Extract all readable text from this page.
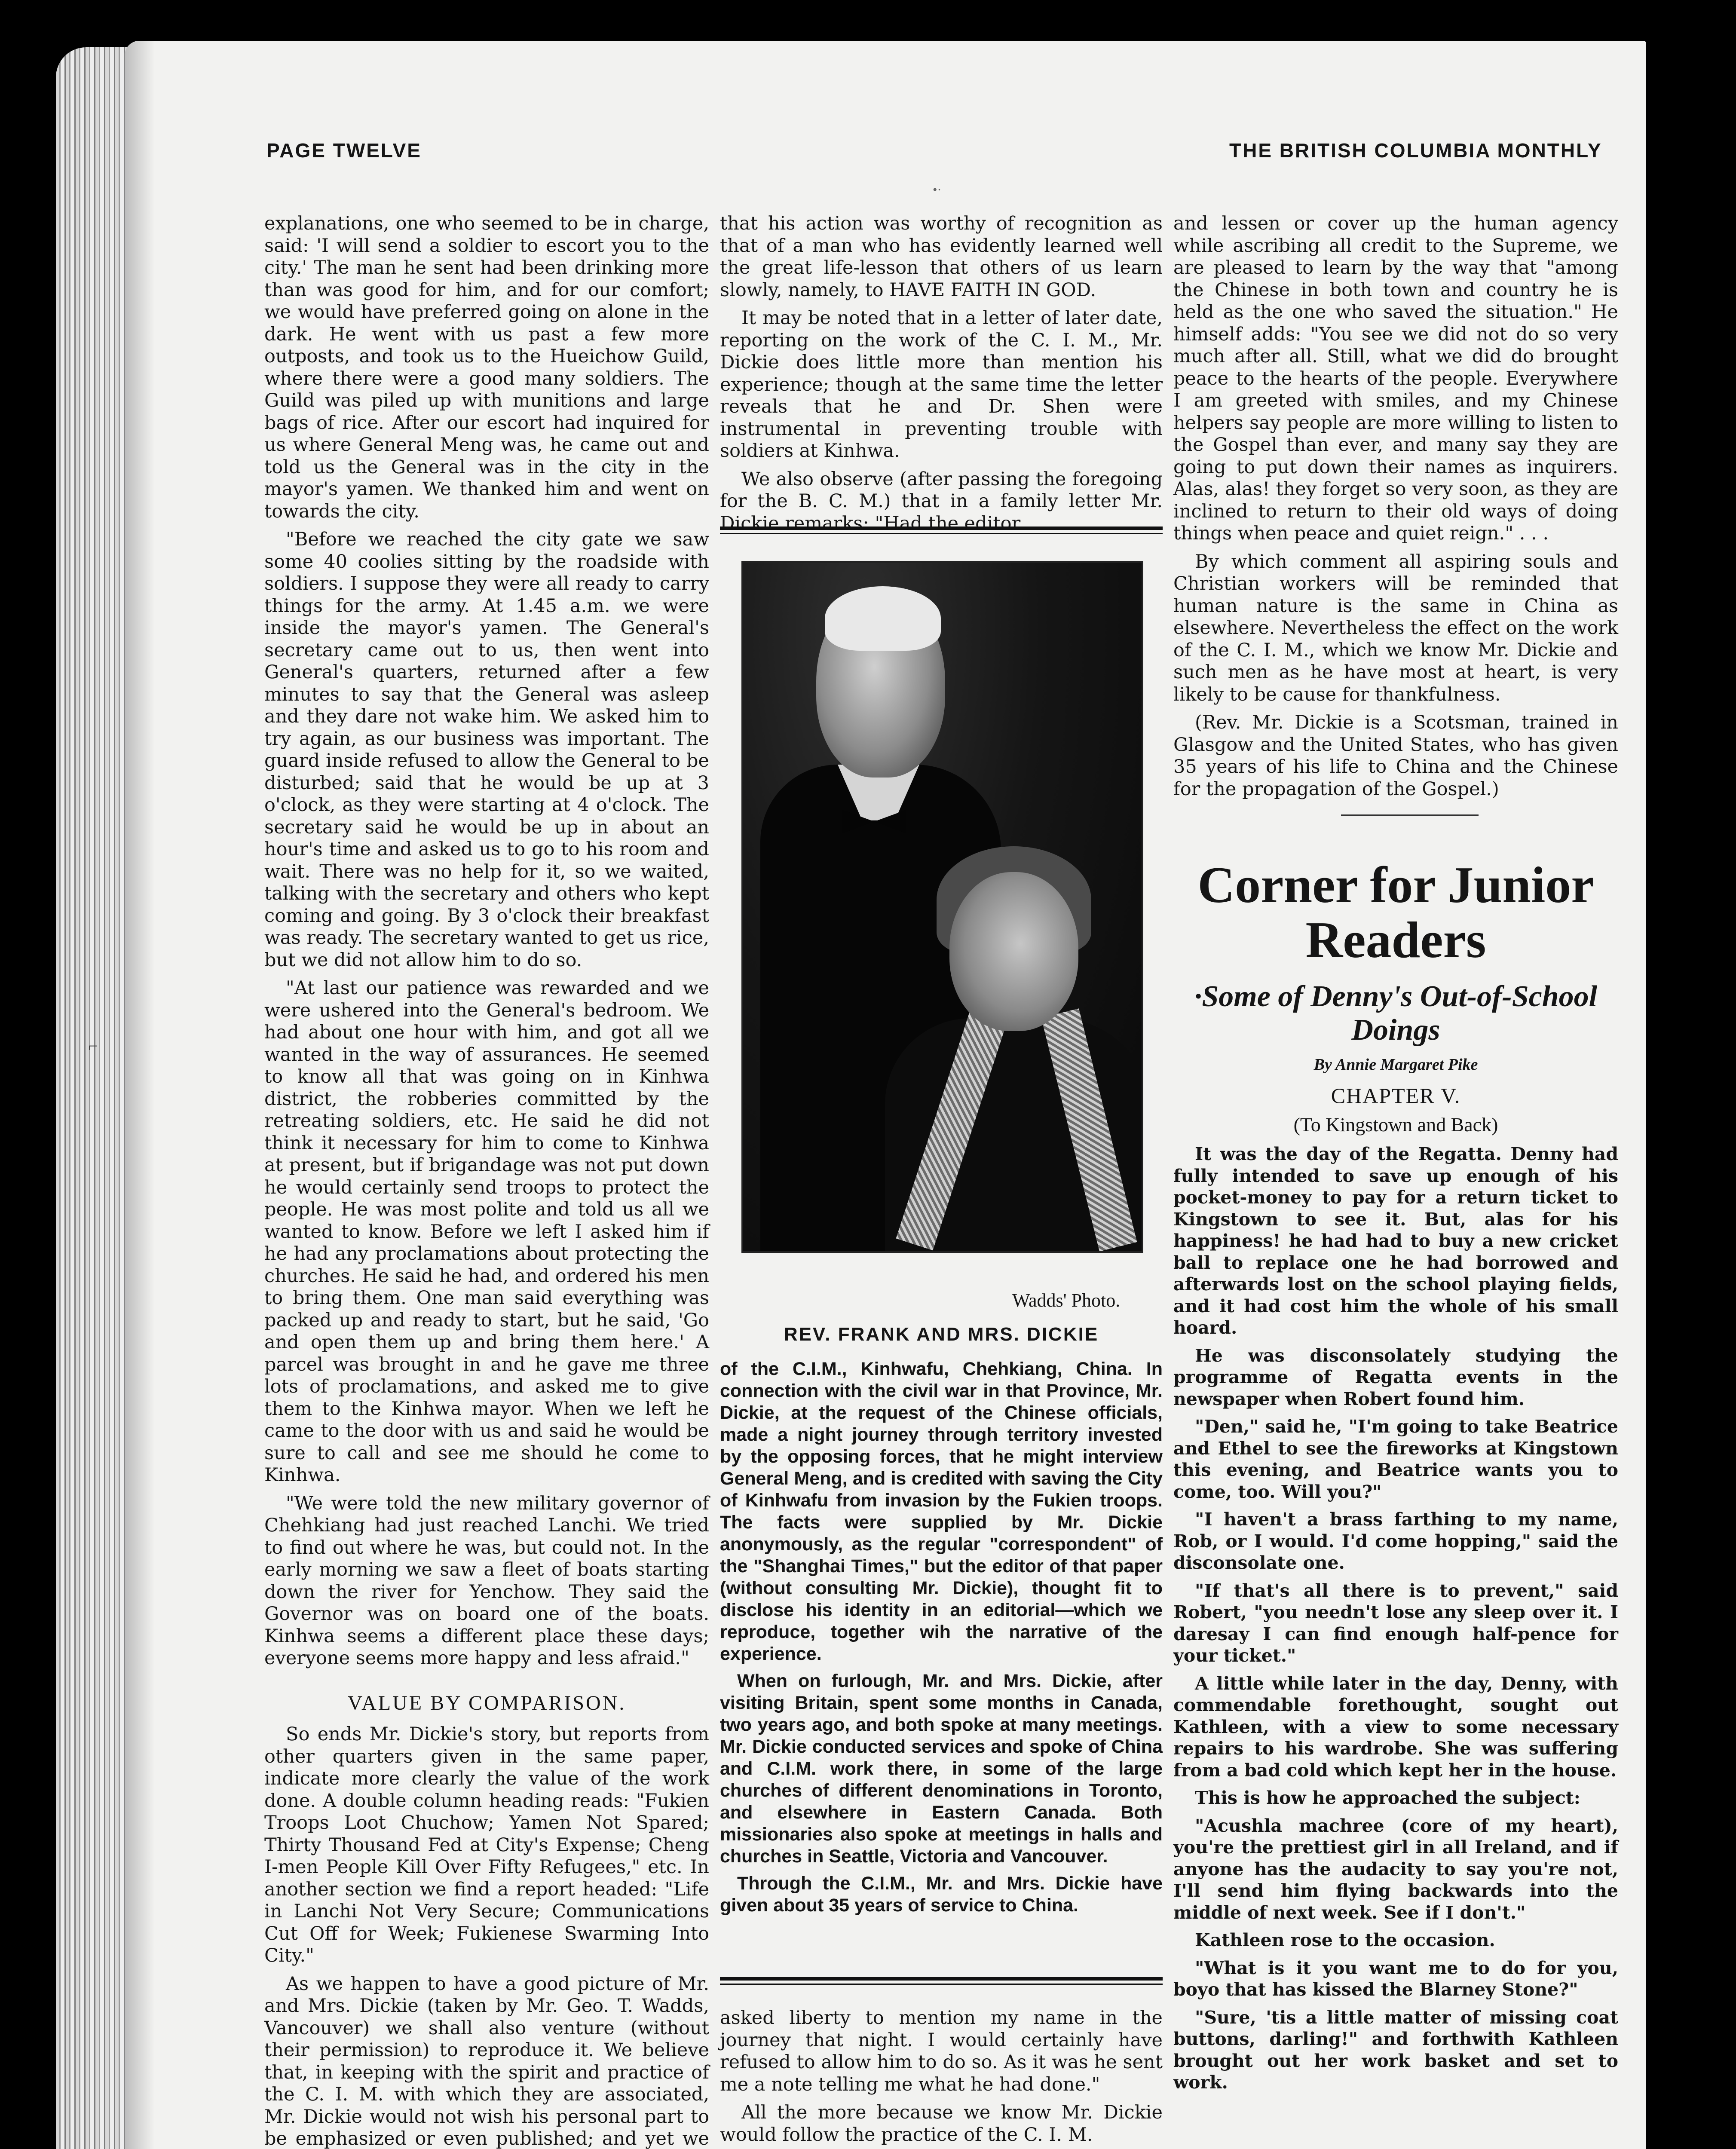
PAGE TWELVE	THE BRITISH COLUMBIA MONTHLY
•·

explanations, one who seemed to be in charge, said: 'I will send a soldier to escort you to the city.' The man he sent had been drinking more than was good for him, and for our comfort; we would have preferred going on alone in the dark. He went with us past a few more outposts, and took us to the Hueichow Guild, where there were a good many soldiers. The Guild was piled up with munitions and large bags of rice. After our escort had inquired for us where General Meng was, he came out and told us the General was in the city in the mayor's yamen. We thanked him and went on towards the city.

"Before we reached the city gate we saw some 40 coolies sitting by the roadside with soldiers. I suppose they were all ready to carry things for the army. At 1.45 a.m. we were inside the mayor's yamen. The General's secretary came out to us, then went into General's quarters, returned after a few minutes to say that the General was asleep and they dare not wake him. We asked him to try again, as our business was important. The guard inside refused to allow the General to be disturbed; said that he would be up at 3 o'clock, as they were starting at 4 o'clock. The secretary said he would be up in about an hour's time and asked us to go to his room and wait. There was no help for it, so we waited, talking with the secretary and others who kept coming and going. By 3 o'clock their breakfast was ready. The secretary wanted to get us rice, but we did not allow him to do so.

"At last our patience was rewarded and we were ushered into the General's bedroom. We had about one hour with him, and got all we wanted in the way of assurances. He seemed to know all that was going on in Kinhwa district, the robberies committed by the retreating soldiers, etc. He said he did not think it necessary for him to come to Kinhwa at present, but if brigandage was not put down he would certainly send troops to protect the people. He was most polite and told us all we wanted to know. Before we left I asked him if he had any proclamations about protecting the churches. He said he had, and ordered his men to bring them. One man said everything was packed up and ready to start, but he said, 'Go and open them up and bring them here.' A parcel was brought in and he gave me three lots of proclamations, and asked me to give them to the Kinhwa mayor. When we left he came to the door with us and said he would be sure to call and see me should he come to Kinhwa.

"We were told the new military governor of Chehkiang had just reached Lanchi. We tried to find out where he was, but could not. In the early morning we saw a fleet of boats starting down the river for Yenchow. They said the Governor was on board one of the boats. Kinhwa seems a different place these days; everyone seems more happy and less afraid."

VALUE BY COMPARISON.

So ends Mr. Dickie's story, but reports from other quarters given in the same paper, indicate more clearly the value of the work done. A double column heading reads: "Fukien Troops Loot Chuchow; Yamen Not Spared; Thirty Thousand Fed at City's Expense; Cheng I-men People Kill Over Fifty Refugees," etc. In another section we find a report headed: "Life in Lanchi Not Very Secure; Communications Cut Off for Week; Fukienese Swarming Into City."

As we happen to have a good picture of Mr. and Mrs. Dickie (taken by Mr. Geo. T. Wadds, Vancouver) we shall also venture (without their permission) to reproduce it. We believe that, in keeping with the spirit and practice of the C. I. M. with which they are associated, Mr. Dickie would not wish his personal part to be emphasized or even published; and yet we

that his action was worthy of recognition as that of a man who has evidently learned well the great life-lesson that others of us learn slowly, namely, to HAVE FAITH IN GOD.

It may be noted that in a letter of later date, reporting on the work of the C. I. M., Mr. Dickie does little more than mention his experience; though at the same time the letter reveals that he and Dr. Shen were instrumental in preventing trouble with soldiers at Kinhwa.

We also observe (after passing the foregoing for the B. C. M.) that in a family letter Mr. Dickie remarks: "Had the editor

Wadds' Photo.
REV. FRANK AND MRS. DICKIE

of the C.I.M., Kinhwafu, Chehkiang, China. In connection with the civil war in that Province, Mr. Dickie, at the request of the Chinese officials, made a night journey through territory invested by the opposing forces, that he might interview General Meng, and is credited with saving the City of Kinhwafu from invasion by the Fukien troops. The facts were supplied by Mr. Dickie anonymously, as the regular "correspondent" of the "Shanghai Times," but the editor of that paper (without consulting Mr. Dickie), thought fit to disclose his identity in an editorial—which we reproduce, together wih the narrative of the experience.

When on furlough, Mr. and Mrs. Dickie, after visiting Britain, spent some months in Canada, two years ago, and both spoke at many meetings. Mr. Dickie conducted services and spoke of China and C.I.M. work there, in some of the large churches of different denominations in Toronto, and elsewhere in Eastern Canada. Both missionaries also spoke at meetings in halls and churches in Seattle, Victoria and Vancouver.

Through the C.I.M., Mr. and Mrs. Dickie have given about 35 years of service to China.

asked liberty to mention my name in the journey that night. I would certainly have refused to allow him to do so. As it was he sent me a note telling me what he had done."

All the more because we know Mr. Dickie would follow the practice of the C. I. M.

and lessen or cover up the human agency while ascribing all credit to the Supreme, we are pleased to learn by the way that "among the Chinese in both town and country he is held as the one who saved the situation." He himself adds: "You see we did not do so very much after all. Still, what we did do brought peace to the hearts of the people. Everywhere I am greeted with smiles, and my Chinese helpers say people are more willing to listen to the Gospel than ever, and many say they are going to put down their names as inquirers. Alas, alas! they forget so very soon, as they are inclined to return to their old ways of doing things when peace and quiet reign." . . .

By which comment all aspiring souls and Christian workers will be reminded that human nature is the same in China as elsewhere. Nevertheless the effect on the work of the C. I. M., which we know Mr. Dickie and such men as he have most at heart, is very likely to be cause for thankfulness.

(Rev. Mr. Dickie is a Scotsman, trained in Glasgow and the United States, who has given 35 years of his life to China and the Chinese for the propagation of the Gospel.)

Corner for Junior Readers
·Some of Denny's Out-of-School Doings
By Annie Margaret Pike
CHAPTER V.
(To Kingstown and Back)

It was the day of the Regatta. Denny had fully intended to save up enough of his pocket-money to pay for a return ticket to Kingstown to see it. But, alas for his happiness! he had had to buy a new cricket ball to replace one he had borrowed and afterwards lost on the school playing fields, and it had cost him the whole of his small hoard.

He was disconsolately studying the programme of Regatta events in the newspaper when Robert found him.

"Den," said he, "I'm going to take Beatrice and Ethel to see the fireworks at Kingstown this evening, and Beatrice wants you to come, too. Will you?"

"I haven't a brass farthing to my name, Rob, or I would. I'd come hopping," said the disconsolate one.

"If that's all there is to prevent," said Robert, "you needn't lose any sleep over it. I daresay I can find enough half-pence for your ticket."

A little while later in the day, Denny, with commendable forethought, sought out Kathleen, with a view to some necessary repairs to his wardrobe. She was suffering from a bad cold which kept her in the house.

This is how he approached the subject:

"Acushla machree (core of my heart), you're the prettiest girl in all Ireland, and if anyone has the audacity to say you're not, I'll send him flying backwards into the middle of next week. See if I don't."

Kathleen rose to the occasion.

"What is it you want me to do for you, boyo that has kissed the Blarney Stone?"

"Sure, 'tis a little matter of missing coat buttons, darling!" and forthwith Kathleen brought out her work basket and set to work.

⌐
